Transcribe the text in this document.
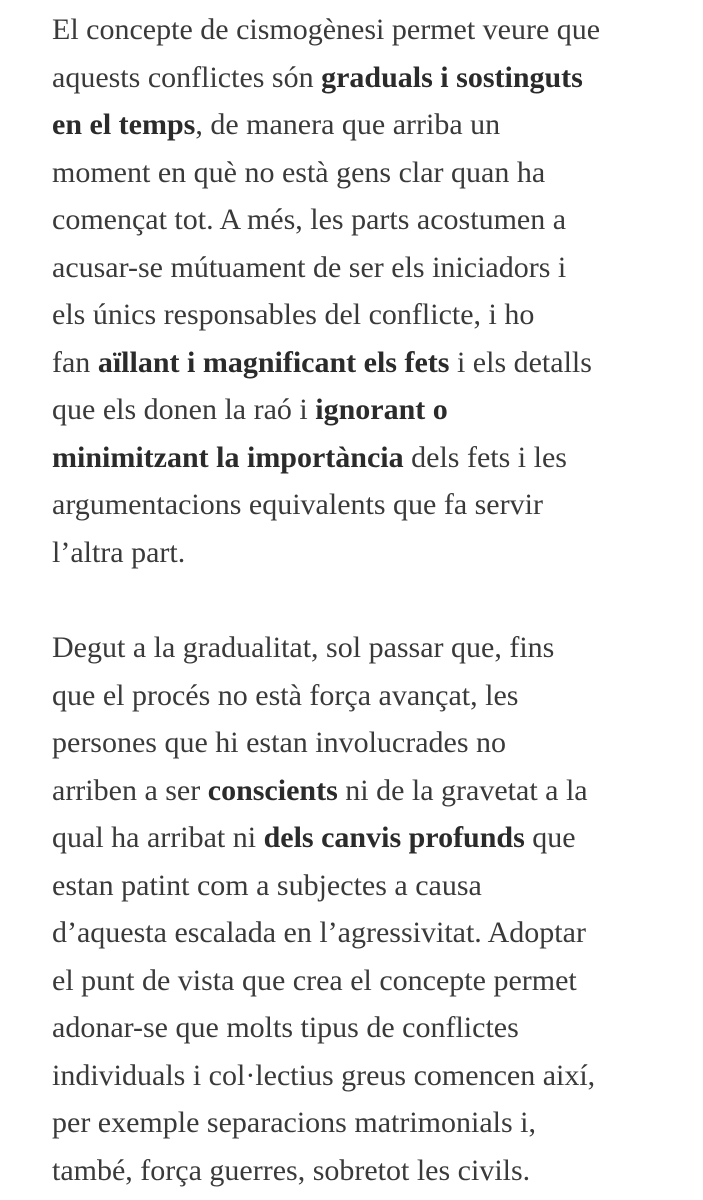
El concepte de cismogènesi permet veure que
aquests conflictes són graduals i sostinguts
en el temps, de manera que arriba un
moment en què no està gens clar quan ha
començat tot. A més, les parts acostumen a
acusar-se mútuament de ser els iniciadors i
els únics responsables del conflicte, i ho
fan aïllant i magnificant els fets i els detalls
que els donen la raó i ignorant o
minimitzant la importància dels fets i les
argumentacions equivalents que fa servir
l’altra part.

Degut a la gradualitat, sol passar que, fins
que el procés no està força avançat, les
persones que hi estan involucrades no
arriben a ser conscients ni de la gravetat a la
qual ha arribat ni dels canvis profunds que
estan patint com a subjectes a causa
d’aquesta escalada en l’agressivitat. Adoptar
el punt de vista que crea el concepte permet
adonar-se que molts tipus de conflictes
individuals i col·lectius greus comencen així,
per exemple separacions matrimonials i,
també, força guerres, sobretot les civils.
